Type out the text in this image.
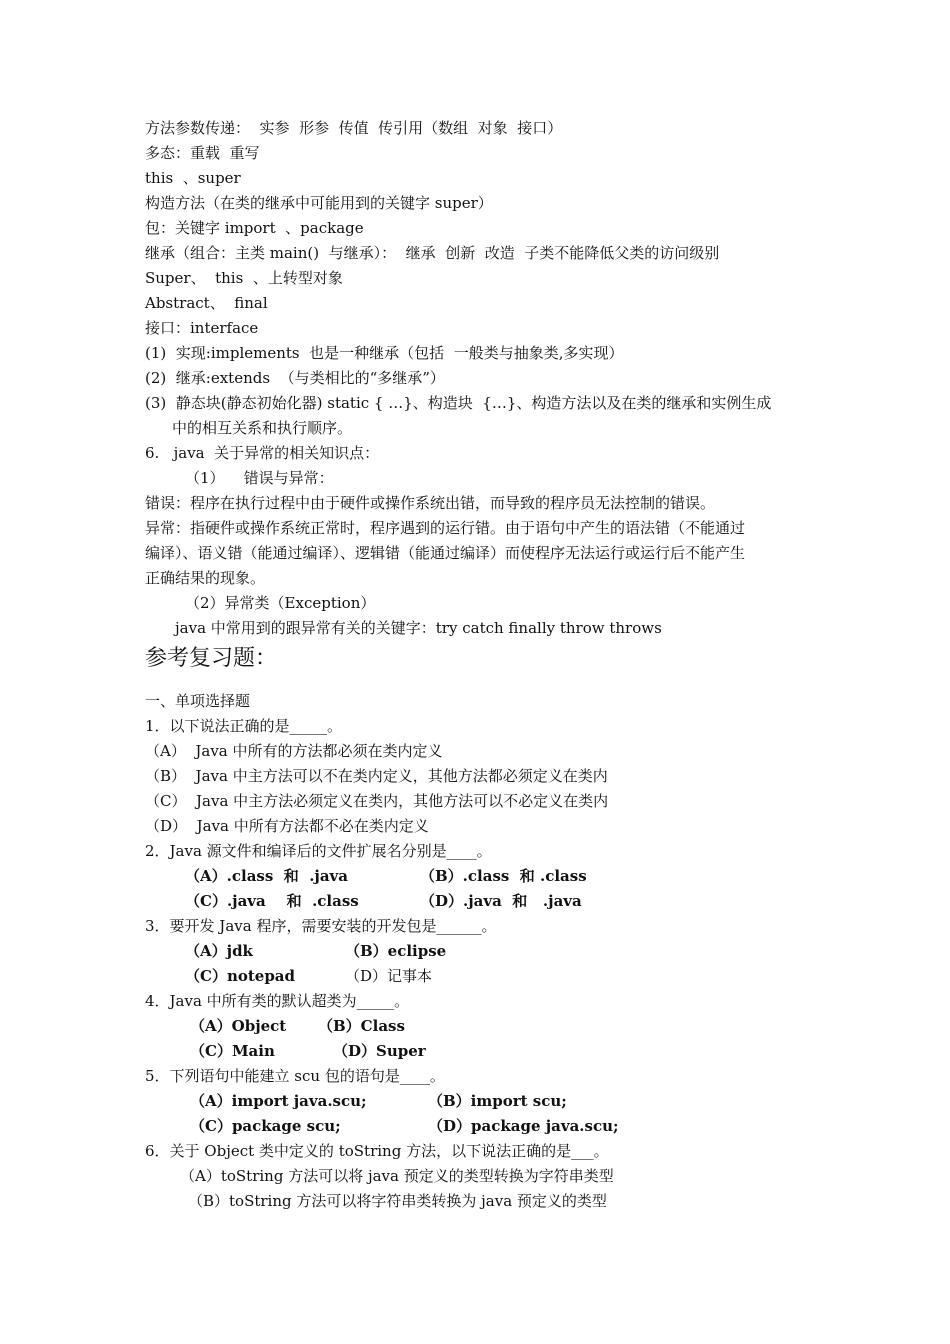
方法参数传递：  实参  形参  传值  传引用（数组  对象  接口）
多态：重载  重写
this  、super
构造方法（在类的继承中可能用到的关键字 super）
包：关键字 import  、package
继承（组合：主类 main()  与继承）：  继承  创新  改造  子类不能降低父类的访问级别
Super、  this  、上转型对象
Abstract、  final
接口：interface
(1)  实现:implements  也是一种继承（包括  一般类与抽象类,多实现）
(2)  继承:extends  （与类相比的“多继承”）
(3)  静态块(静态初始化器) static { …}、构造块  {…}、构造方法以及在类的继承和实例生成
中的相互关系和执行顺序。
6.   java  关于异常的相关知识点：
（1）    错误与异常：
错误：程序在执行过程中由于硬件或操作系统出错，而导致的程序员无法控制的错误。
异常：指硬件或操作系统正常时，程序遇到的运行错。由于语句中产生的语法错（不能通过
编译）、语义错（能通过编译）、逻辑错（能通过编译）而使程序无法运行或运行后不能产生
正确结果的现象。
（2）异常类（Exception）
java 中常用到的跟异常有关的关键字：try catch finally throw throws
参考复习题：
一、单项选择题
1．以下说法正确的是_____。
（A）  Java 中所有的方法都必须在类内定义
（B）  Java 中主方法可以不在类内定义，其他方法都必须定义在类内
（C）  Java 中主方法必须定义在类内，其他方法可以不必定义在类内
（D）  Java 中所有方法都不必在类内定义
2．Java 源文件和编译后的文件扩展名分别是____。
（A）.class  和  .java	（B）.class  和 .class
（C）.java    和  .class	（D）.java  和   .java
3．要开发 Java 程序，需要安装的开发包是______。
（A）jdk	（B）eclipse
（C）notepad	（D）记事本
4．Java 中所有类的默认超类为_____。
（A）Object （B）Class
（C）Main	（D）Super
5．下列语句中能建立 scu 包的语句是____。
（A）import java.scu;	（B）import scu;
（C）package scu;	（D）package java.scu;
6．关于 Object 类中定义的 toString 方法，以下说法正确的是___。
（A）toString 方法可以将 java 预定义的类型转换为字符串类型
（B）toString 方法可以将字符串类转换为 java 预定义的类型
